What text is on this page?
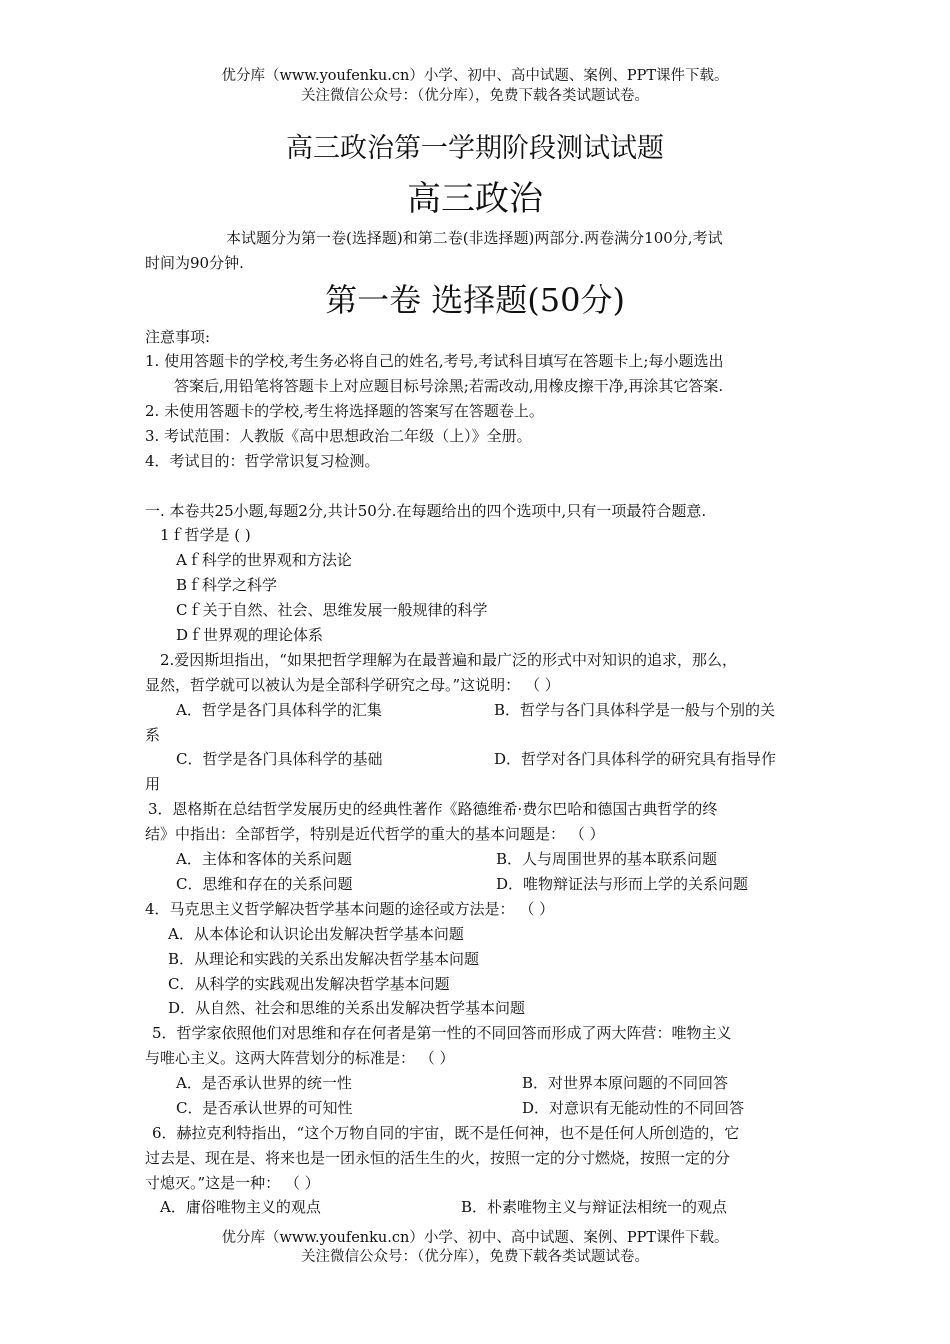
优分库（www.youfenku.cn）小学、初中、高中试题、案例、PPT课件下载。
关注微信公众号：（优分库），免费下载各类试题试卷。
高三政治第一学期阶段测试试题
高三政治
本试题分为第一卷(选择题)和第二卷(非选择题)两部分.两卷满分100分,考试
时间为90分钟.
第一卷 选择题(50分)
注意事项:
1. 使用答题卡的学校,考生务必将自己的姓名,考号,考试科目填写在答题卡上;每小题选出
答案后,用铅笔将答题卡上对应题目标号涂黑;若需改动,用橡皮擦干净,再涂其它答案.
2. 未使用答题卡的学校,考生将选择题的答案写在答题卷上。
3. 考试范围：人教版《高中思想政治二年级（上）》全册。
4．考试目的：哲学常识复习检测。
一. 本卷共25小题,每题2分,共计50分.在每题给出的四个选项中,只有一项最符合题意.
1ｆ哲学是 ( )
Aｆ科学的世界观和方法论
Bｆ科学之科学
Cｆ关于自然、社会、思维发展一般规律的科学
Dｆ世界观的理论体系
2.爱因斯坦指出，“如果把哲学理解为在最普遍和最广泛的形式中对知识的追求，那么，
显然，哲学就可以被认为是全部科学研究之母。”这说明： （ ）
A．哲学是各门具体科学的汇集	B．哲学与各门具体科学是一般与个别的关
系
C．哲学是各门具体科学的基础	D．哲学对各门具体科学的研究具有指导作
用
3．恩格斯在总结哲学发展历史的经典性著作《路德维希·费尔巴哈和德国古典哲学的终
结》中指出：全部哲学，特别是近代哲学的重大的基本问题是： （ ）
A．主体和客体的关系问题	B．人与周围世界的基本联系问题
C．思维和存在的关系问题	D．唯物辩证法与形而上学的关系问题
4．马克思主义哲学解决哲学基本问题的途径或方法是： （ ）
A．从本体论和认识论出发解决哲学基本问题
B．从理论和实践的关系出发解决哲学基本问题
C．从科学的实践观出发解决哲学基本问题
D．从自然、社会和思维的关系出发解决哲学基本问题
5．哲学家依照他们对思维和存在何者是第一性的不同回答而形成了两大阵营：唯物主义
与唯心主义。这两大阵营划分的标准是： （ ）
A．是否承认世界的统一性	B．对世界本原问题的不同回答
C．是否承认世界的可知性	D．对意识有无能动性的不同回答
6．赫拉克利特指出，“这个万物自同的宇宙，既不是任何神，也不是任何人所创造的，它
过去是、现在是、将来也是一团永恒的活生生的火，按照一定的分寸燃烧，按照一定的分
寸熄灭。”这是一种： （ ）
A．庸俗唯物主义的观点	B．朴素唯物主义与辩证法相统一的观点
优分库（www.youfenku.cn）小学、初中、高中试题、案例、PPT课件下载。
关注微信公众号：（优分库），免费下载各类试题试卷。
